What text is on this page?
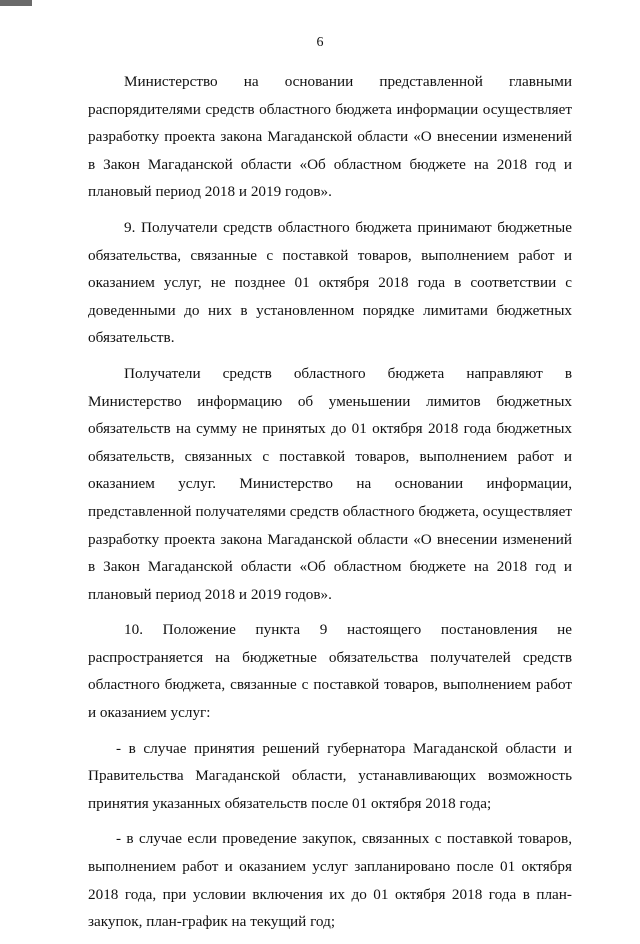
6

Министерство на основании представленной главными распорядителями средств областного бюджета информации осуществляет разработку проекта закона Магаданской области «О внесении изменений в Закон Магаданской области «Об областном бюджете на 2018 год и плановый период 2018 и 2019 годов».

9. Получатели средств областного бюджета принимают бюджетные обязательства, связанные с поставкой товаров, выполнением работ и оказанием услуг, не позднее 01 октября 2018 года в соответствии с доведенными до них в установленном порядке лимитами бюджетных обязательств.

Получатели средств областного бюджета направляют в Министерство информацию об уменьшении лимитов бюджетных обязательств на сумму не принятых до 01 октября 2018 года бюджетных обязательств, связанных с поставкой товаров, выполнением работ и оказанием услуг. Министерство на основании информации, представленной получателями средств областного бюджета, осуществляет разработку проекта закона Магаданской области «О внесении изменений в Закон Магаданской области «Об областном бюджете на 2018 год и плановый период 2018 и 2019 годов».

10. Положение пункта 9 настоящего постановления не распространяется на бюджетные обязательства получателей средств областного бюджета, связанные с поставкой товаров, выполнением работ и оказанием услуг:

- в случае принятия решений губернатора Магаданской области и Правительства Магаданской области, устанавливающих возможность принятия указанных обязательств после 01 октября 2018 года;

- в случае если проведение закупок, связанных с поставкой товаров, выполнением работ и оказанием услуг запланировано после 01 октября 2018 года, при условии включения их до 01 октября 2018 года в план-закупок, план-график на текущий год;
